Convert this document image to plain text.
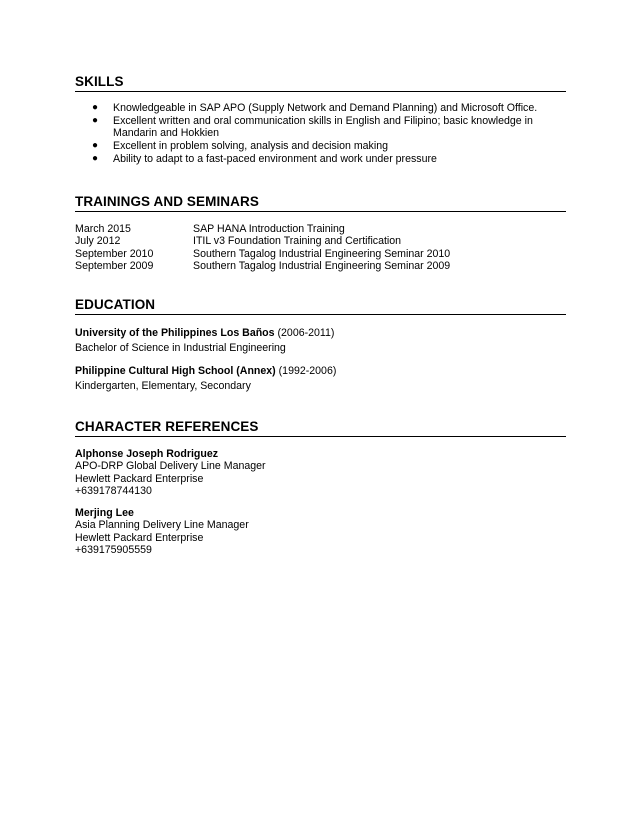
SKILLS
● Knowledgeable in SAP APO (Supply Network and Demand Planning) and Microsoft Office.
● Excellent written and oral communication skills in English and Filipino; basic knowledge in Mandarin and Hokkien
● Excellent in problem solving, analysis and decision making
● Ability to adapt to a fast-paced environment and work under pressure
TRAININGS AND SEMINARS
March 2015	SAP HANA Introduction Training
July 2012	ITIL v3 Foundation Training and Certification
September 2010	Southern Tagalog Industrial Engineering Seminar 2010
September 2009	Southern Tagalog Industrial Engineering Seminar 2009
EDUCATION
University of the Philippines Los Baños (2006-2011)
Bachelor of Science in Industrial Engineering
Philippine Cultural High School (Annex) (1992-2006)
Kindergarten, Elementary, Secondary
CHARACTER REFERENCES
Alphonse Joseph Rodriguez
APO-DRP Global Delivery Line Manager
Hewlett Packard Enterprise
+639178744130
Merjing Lee
Asia Planning Delivery Line Manager
Hewlett Packard Enterprise
+639175905559
